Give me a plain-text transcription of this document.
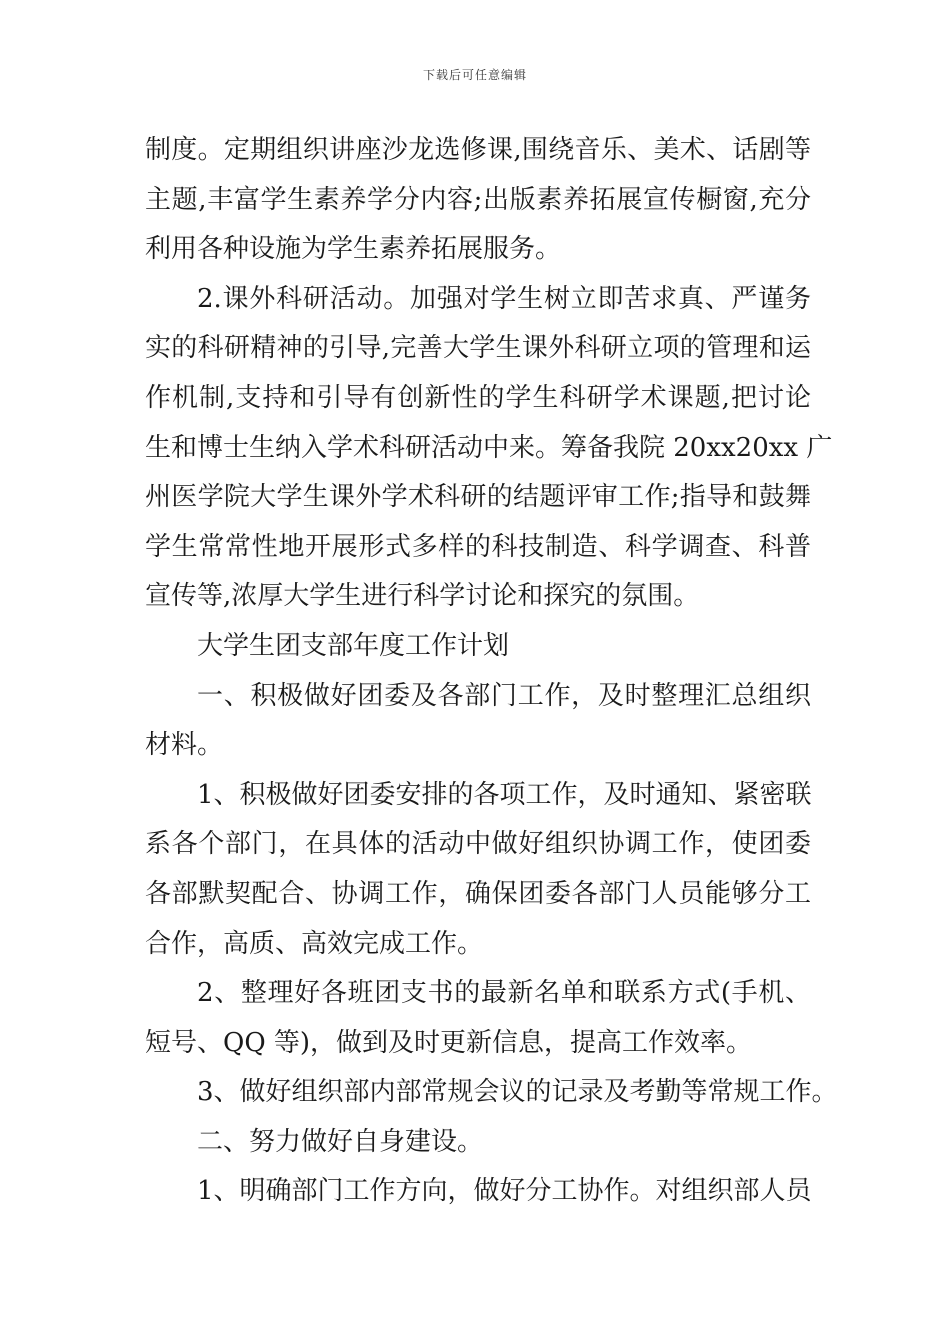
下载后可任意编辑
制度。定期组织讲座沙龙选修课,围绕音乐、美术、话剧等
主题,丰富学生素养学分内容;出版素养拓展宣传橱窗,充分
利用各种设施为学生素养拓展服务。
2.课外科研活动。加强对学生树立即苦求真、严谨务
实的科研精神的引导,完善大学生课外科研立项的管理和运
作机制,支持和引导有创新性的学生科研学术课题,把讨论
生和博士生纳入学术科研活动中来。筹备我院 20xx20xx 广
州医学院大学生课外学术科研的结题评审工作;指导和鼓舞
学生常常性地开展形式多样的科技制造、科学调查、科普
宣传等,浓厚大学生进行科学讨论和探究的氛围。
大学生团支部年度工作计划
一、积极做好团委及各部门工作，及时整理汇总组织
材料。
1、积极做好团委安排的各项工作，及时通知、紧密联
系各个部门，在具体的活动中做好组织协调工作，使团委
各部默契配合、协调工作，确保团委各部门人员能够分工
合作，高质、高效完成工作。
2、整理好各班团支书的最新名单和联系方式(手机、
短号、QQ 等)，做到及时更新信息，提高工作效率。
3、做好组织部内部常规会议的记录及考勤等常规工作。
二、努力做好自身建设。
1、明确部门工作方向，做好分工协作。对组织部人员
